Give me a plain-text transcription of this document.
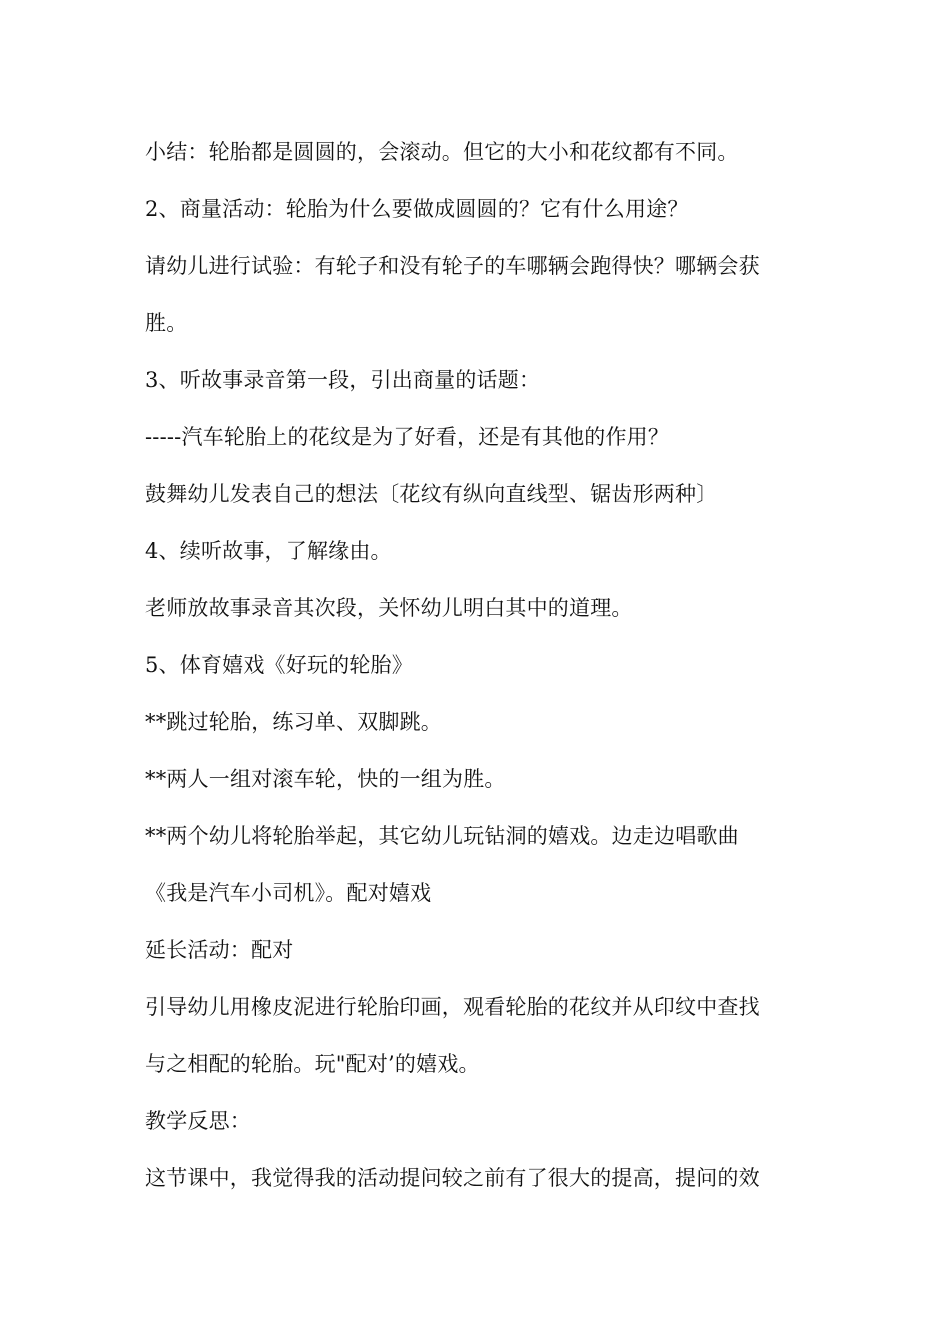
小结：轮胎都是圆圆的，会滚动。但它的大小和花纹都有不同。

2、商量活动：轮胎为什么要做成圆圆的？它有什么用途？

请幼儿进行试验：有轮子和没有轮子的车哪辆会跑得快？哪辆会获

胜。

3、听故事录音第一段，引出商量的话题：

-----汽车轮胎上的花纹是为了好看，还是有其他的作用？

鼓舞幼儿发表自己的想法〔花纹有纵向直线型、锯齿形两种〕

4、续听故事，了解缘由。

老师放故事录音其次段，关怀幼儿明白其中的道理。

5、体育嬉戏《好玩的轮胎》

**跳过轮胎，练习单、双脚跳。

**两人一组对滚车轮，快的一组为胜。

**两个幼儿将轮胎举起，其它幼儿玩钻洞的嬉戏。边走边唱歌曲

《我是汽车小司机》。配对嬉戏

延长活动：配对

引导幼儿用橡皮泥进行轮胎印画，观看轮胎的花纹并从印纹中查找

与之相配的轮胎。玩"配对’的嬉戏。

教学反思：

这节课中，我觉得我的活动提问较之前有了很大的提高，提问的效
